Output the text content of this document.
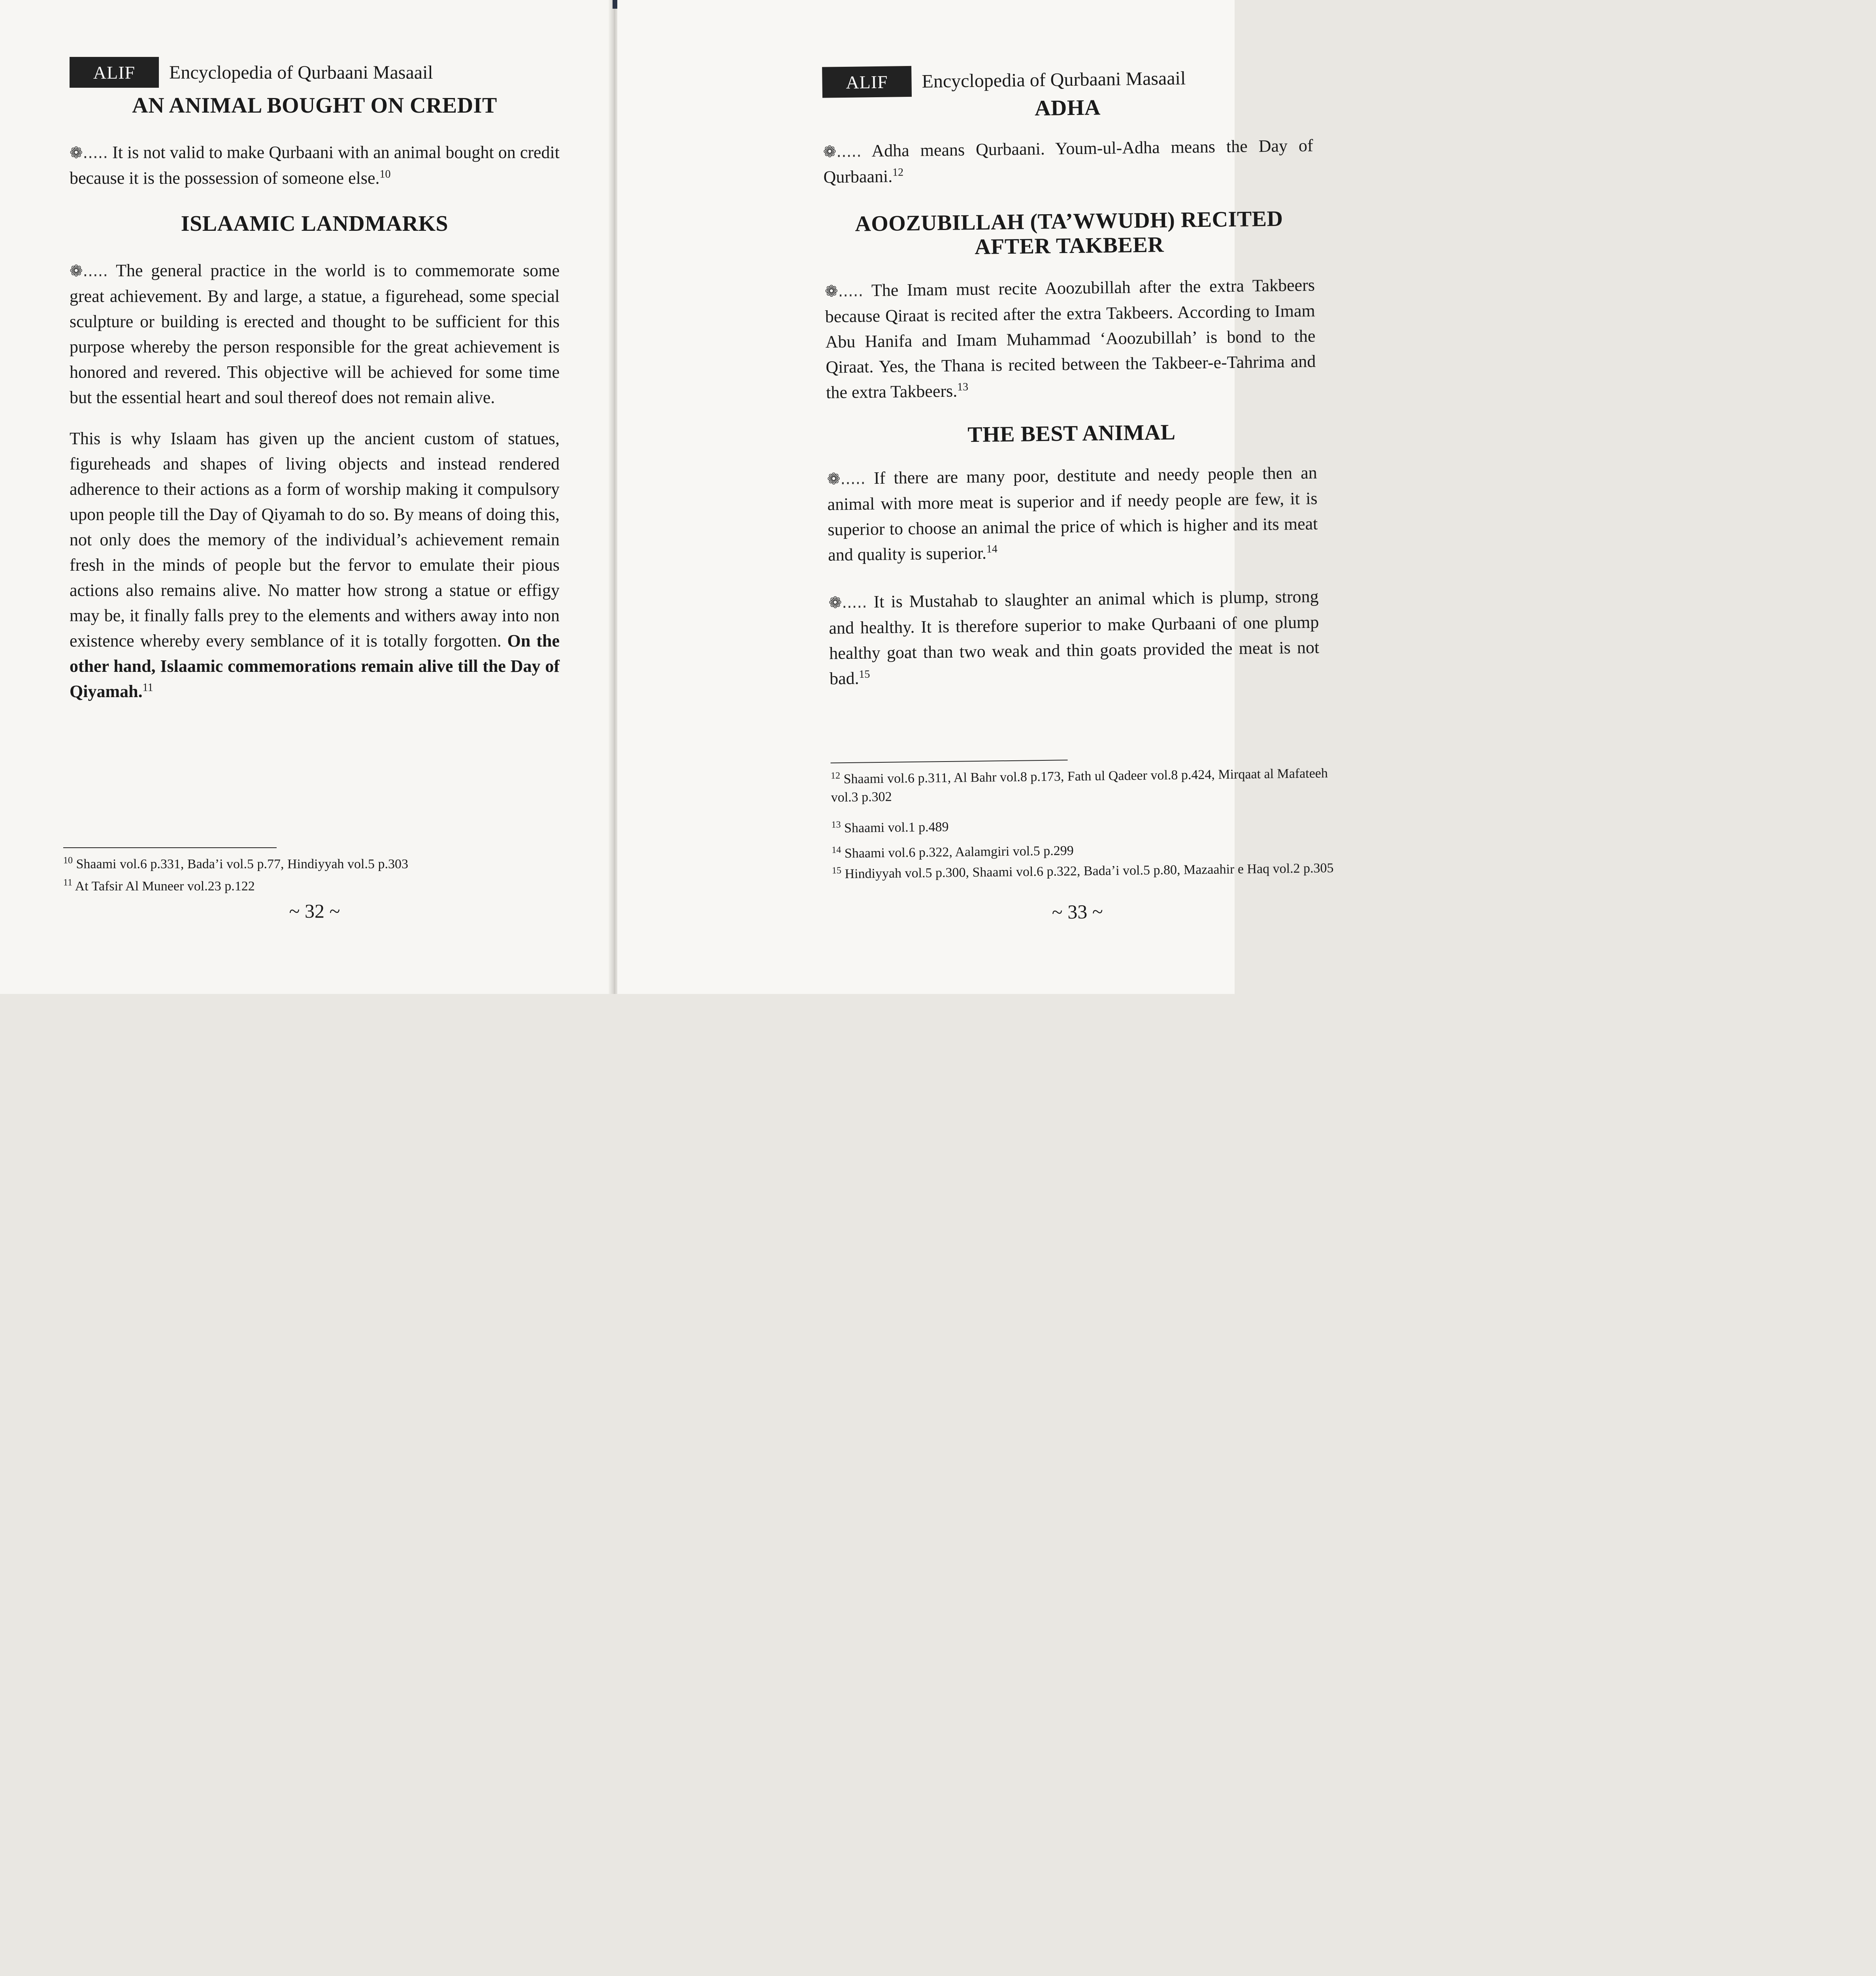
ALIF	Encyclopedia of Qurbaani Masaail
AN ANIMAL BOUGHT ON CREDIT

❁..... It is not valid to make Qurbaani with an animal bought on credit because it is the possession of someone else.$^{10}$

ISLAAMIC LANDMARKS

❁..... The general practice in the world is to commemorate some great achievement. By and large, a statue, a figurehead, some special sculpture or building is erected and thought to be sufficient for this purpose whereby the person responsible for the great achievement is honored and revered. This objective will be achieved for some time but the essential heart and soul thereof does not remain alive.

This is why Islaam has given up the ancient custom of statues, figureheads and shapes of living objects and instead rendered adherence to their actions as a form of worship making it compulsory upon people till the Day of Qiyamah to do so. By means of doing this, not only does the memory of the individual’s achievement remain fresh in the minds of people but the fervor to emulate their pious actions also remains alive. No matter how strong a statue or effigy may be, it finally falls prey to the elements and withers away into non existence whereby every semblance of it is totally forgotten. On the other hand, Islaamic commemorations remain alive till the Day of Qiyamah.$^{11}$

$^{10}$ Shaami vol.6 p.331, Bada’i vol.5 p.77, Hindiyyah vol.5 p.303

$^{11}$ At Tafsir Al Muneer vol.23 p.122

~ 32 ~
ALIF	Encyclopedia of Qurbaani Masaail
ADHA

❁..... Adha means Qurbaani. Youm-ul-Adha means the Day of Qurbaani.$^{12}$

AOOZUBILLAH (TA’WWUDH) RECITED
AFTER TAKBEER

❁..... The Imam must recite Aoozubillah after the extra Takbeers because Qiraat is recited after the extra Takbeers. According to Imam Abu Hanifa and Imam Muhammad ‘Aoozubillah’ is bond to the Qiraat. Yes, the Thana is recited between the Takbeer-e-Tahrima and the extra Takbeers.$^{13}$

THE BEST ANIMAL

❁..... If there are many poor, destitute and needy people then an animal with more meat is superior and if needy people are few, it is superior to choose an animal the price of which is higher and its meat and quality is superior.$^{14}$

❁..... It is Mustahab to slaughter an animal which is plump, strong and healthy. It is therefore superior to make Qurbaani of one plump healthy goat than two weak and thin goats provided the meat is not bad.$^{15}$

$^{12}$ Shaami vol.6 p.311, Al Bahr vol.8 p.173, Fath ul Qadeer vol.8 p.424, Mirqaat al Mafateeh vol.3 p.302

$^{13}$ Shaami vol.1 p.489

$^{14}$ Shaami vol.6 p.322, Aalamgiri vol.5 p.299

$^{15}$ Hindiyyah vol.5 p.300, Shaami vol.6 p.322, Bada’i vol.5 p.80, Mazaahir e Haq vol.2 p.305

~ 33 ~
